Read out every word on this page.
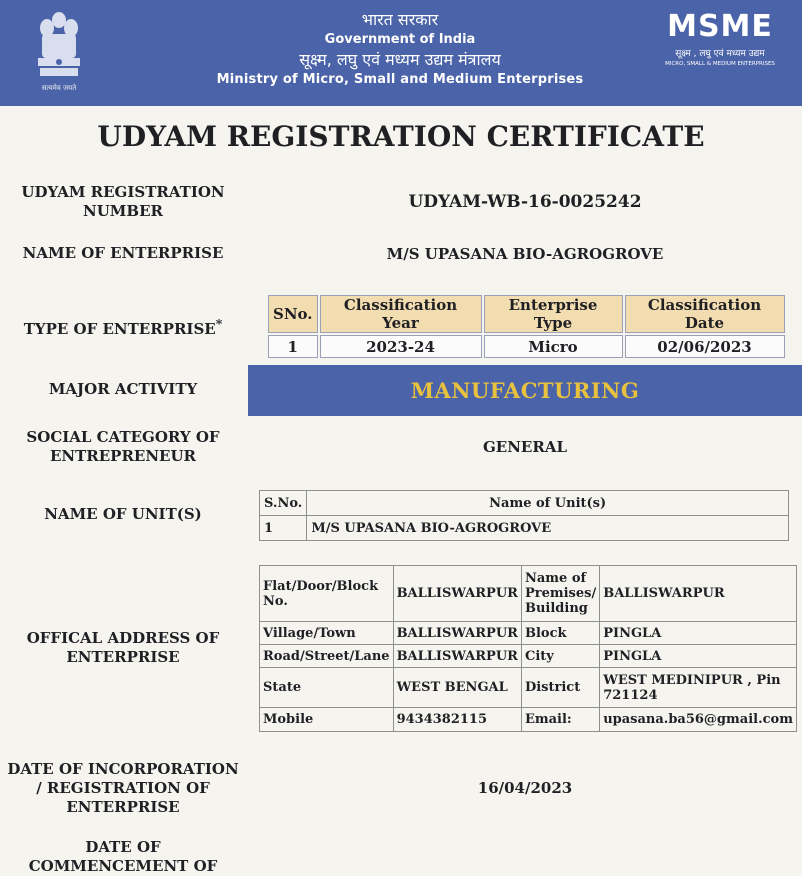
सत्यमेव जयते
भारत सरकार
Government of India
सूक्ष्म, लघु एवं मध्यम उद्यम मंत्रालय
Ministry of Micro, Small and Medium Enterprises
MSME
सूक्ष्म , लघु एवं मध्यम उद्यम
MICRO, SMALL & MEDIUM ENTERPRISES
UDYAM REGISTRATION CERTIFICATE
UDYAM REGISTRATION
NUMBER	UDYAM-WB-16-0025242
NAME OF ENTERPRISE	M/S UPASANA BIO-AGROGROVE
TYPE OF ENTERPRISE*
SNo.	Classification Year	Enterprise Type	Classification Date
1	2023-24	Micro	02/06/2023
MAJOR ACTIVITY	MANUFACTURING
SOCIAL CATEGORY OF
ENTREPRENEUR	GENERAL
NAME OF UNIT(S)
S.No.	Name of Unit(s)
1	M/S UPASANA BIO-AGROGROVE
OFFICAL ADDRESS OF
ENTERPRISE
Flat/Door/Block No.	BALLISWARPUR	Name of Premises/ Building	BALLISWARPUR
Village/Town	BALLISWARPUR	Block	PINGLA
Road/Street/Lane	BALLISWARPUR	City	PINGLA
State	WEST BENGAL	District	WEST MEDINIPUR , Pin 721124
Mobile	9434382115	Email:	upasana.ba56@gmail.com
DATE OF INCORPORATION
/ REGISTRATION OF
ENTERPRISE
16/04/2023
DATE OF
COMMENCEMENT OF
